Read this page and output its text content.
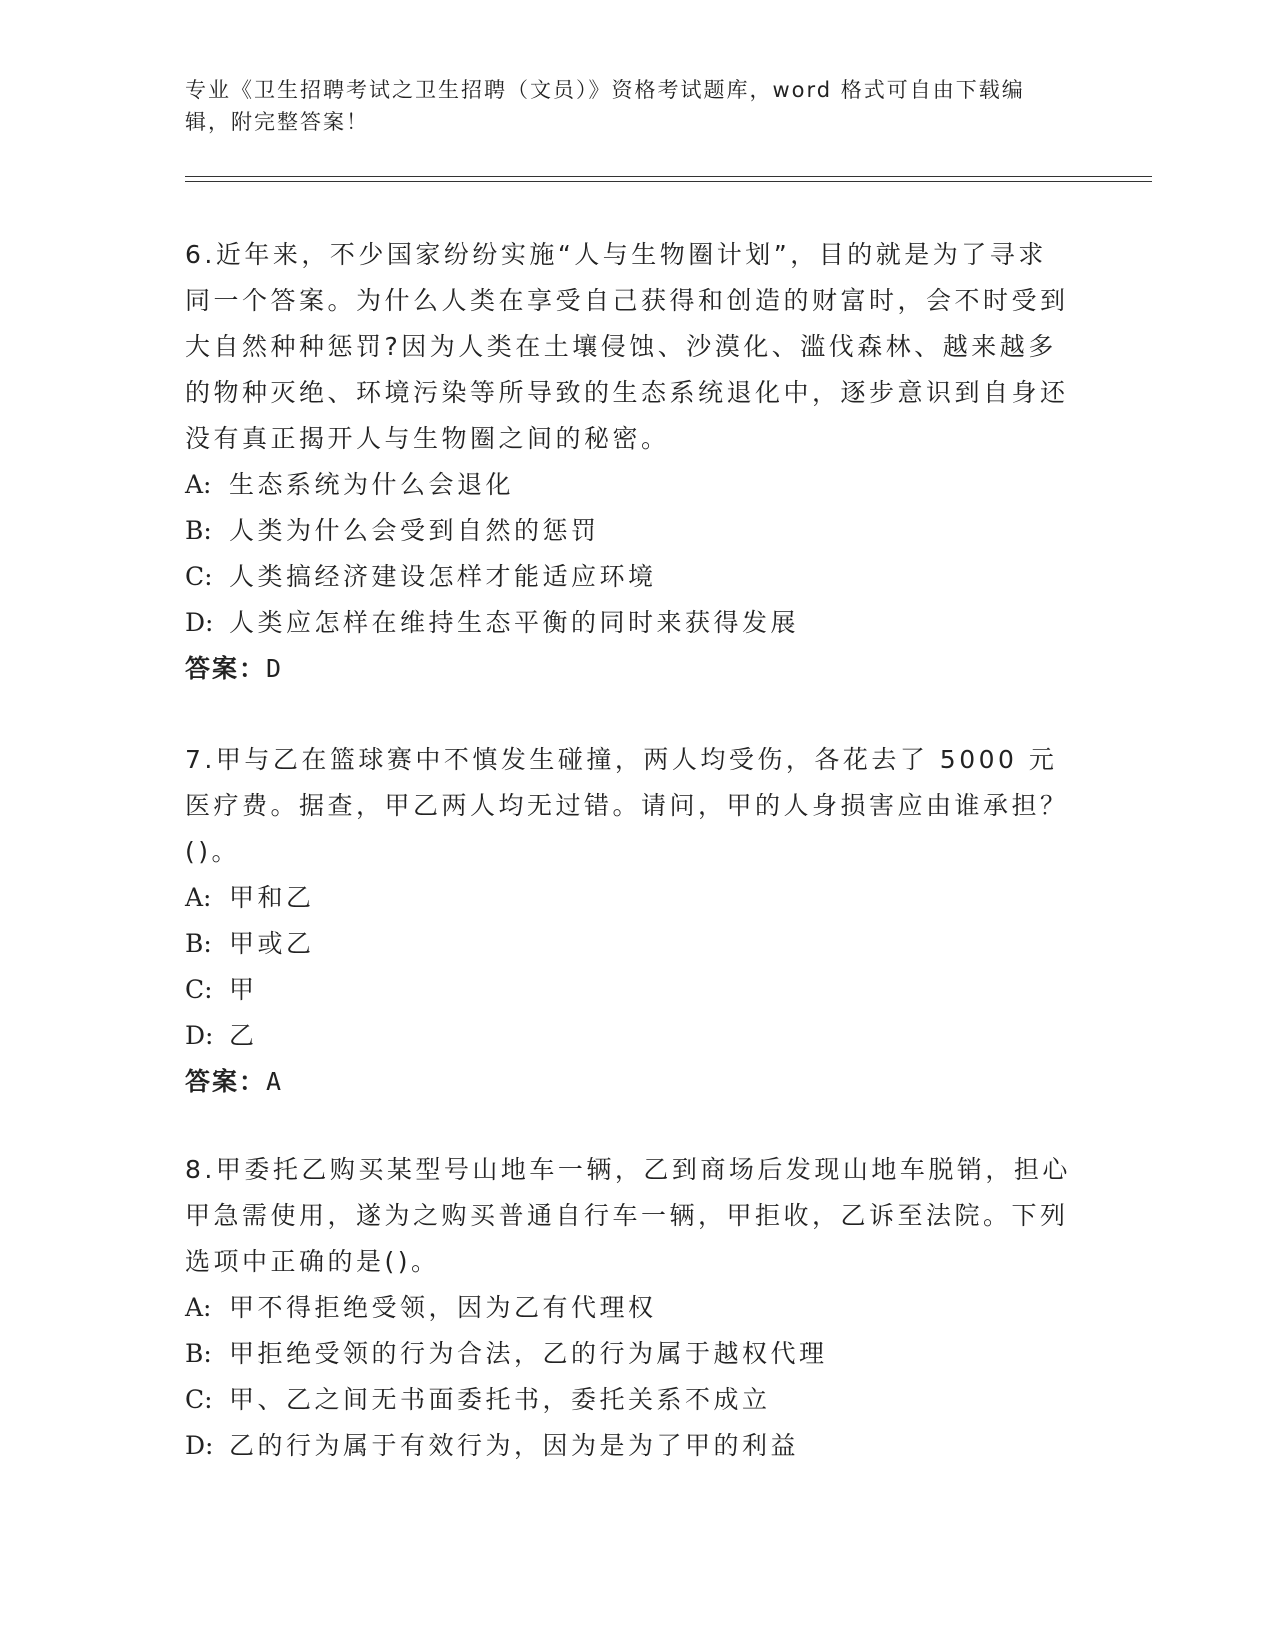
专业《卫生招聘考试之卫生招聘（文员）》资格考试题库，word 格式可自由下载编辑，附完整答案！

6.近年来，不少国家纷纷实施“人与生物圈计划”，目的就是为了寻求同一个答案。为什么人类在享受自己获得和创造的财富时，会不时受到大自然种种惩罚?因为人类在土壤侵蚀、沙漠化、滥伐森林、越来越多的物种灭绝、环境污染等所导致的生态系统退化中，逐步意识到自身还没有真正揭开人与生物圈之间的秘密。

A: 生态系统为什么会退化

B: 人类为什么会受到自然的惩罚

C: 人类搞经济建设怎样才能适应环境

D: 人类应怎样在维持生态平衡的同时来获得发展

答案：D

7.甲与乙在篮球赛中不慎发生碰撞，两人均受伤，各花去了 5000 元医疗费。据查，甲乙两人均无过错。请问，甲的人身损害应由谁承担？()。

A: 甲和乙

B: 甲或乙

C: 甲

D: 乙

答案：A

8.甲委托乙购买某型号山地车一辆，乙到商场后发现山地车脱销，担心甲急需使用，遂为之购买普通自行车一辆，甲拒收，乙诉至法院。下列选项中正确的是()。

A: 甲不得拒绝受领，因为乙有代理权

B: 甲拒绝受领的行为合法，乙的行为属于越权代理

C: 甲、乙之间无书面委托书，委托关系不成立

D: 乙的行为属于有效行为，因为是为了甲的利益
